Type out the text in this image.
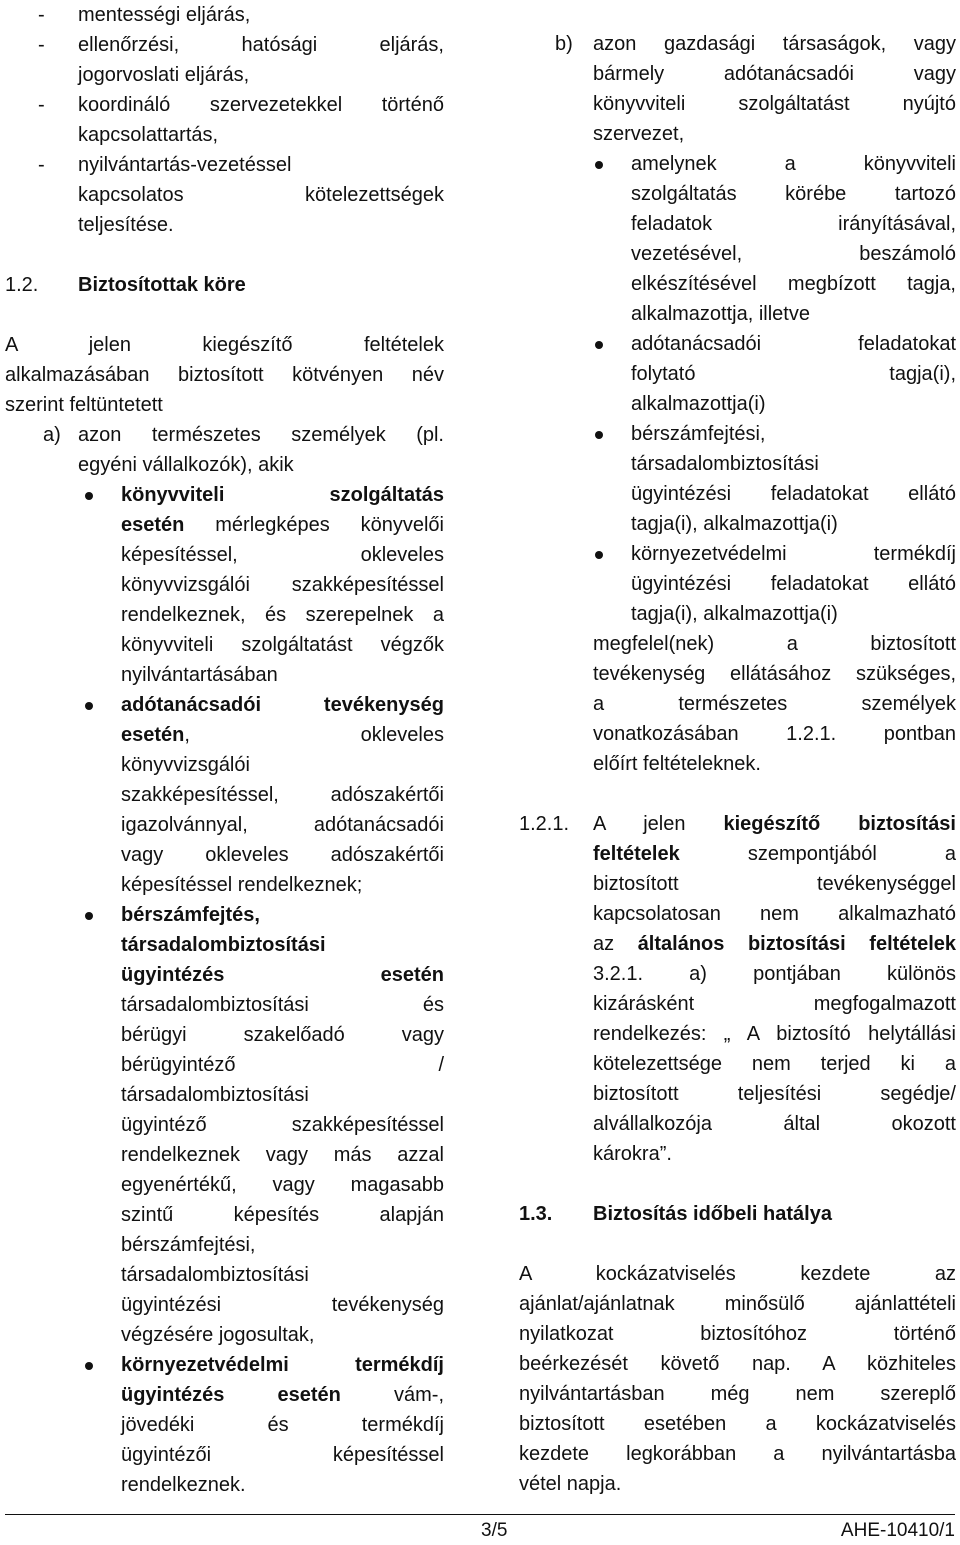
- mentességi eljárás,

- ellenőrzési, hatósági eljárás,

jogorvoslati eljárás,

- koordináló szervezetekkel történő

kapcsolattartás,

- nyilvántartás-vezetéssel

kapcsolatos kötelezettségek

teljesítése.

1.2. Biztosítottak köre

A jelen kiegészítő feltételek

alkalmazásában biztosított kötvényen név

szerint feltüntetett

a) azon természetes személyek (pl.

egyéni vállalkozók), akik

könyvviteli szolgáltatás

esetén mérlegképes könyvelői

képesítéssel, okleveles

könyvvizsgálói szakképesítéssel

rendelkeznek, és szerepelnek a

könyvviteli szolgáltatást végzők

nyilvántartásában

adótanácsadói tevékenység

esetén, okleveles

könyvvizsgálói

szakképesítéssel, adószakértői

igazolvánnyal, adótanácsadói

vagy okleveles adószakértői

képesítéssel rendelkeznek;

bérszámfejtés,

társadalombiztosítási

ügyintézés esetén

társadalombiztosítási és

bérügyi szakelőadó vagy

bérügyintéző /

társadalombiztosítási

ügyintéző szakképesítéssel

rendelkeznek vagy más azzal

egyenértékű, vagy magasabb

szintű képesítés alapján

bérszámfejtési,

társadalombiztosítási

ügyintézési tevékenység

végzésére jogosultak,

környezetvédelmi termékdíj

ügyintézés esetén	vám-,

jövedéki és termékdíj

ügyintézői képesítéssel

rendelkeznek.

b) azon gazdasági társaságok, vagy

bármely adótanácsadói vagy

könyvviteli szolgáltatást nyújtó

szervezet,

amelynek a könyvviteli

szolgáltatás körébe tartozó

feladatok irányításával,

vezetésével, beszámoló

elkészítésével megbízott tagja,

alkalmazottja, illetve

adótanácsadói feladatokat

folytató tagja(i),

alkalmazottja(i)

bérszámfejtési,

társadalombiztosítási

ügyintézési feladatokat ellátó

tagja(i), alkalmazottja(i)

környezetvédelmi termékdíj

ügyintézési feladatokat ellátó

tagja(i), alkalmazottja(i)

megfelel(nek) a biztosított

tevékenység ellátásához szükséges,

a természetes személyek

vonatkozásában 1.2.1. pontban

előírt feltételeknek.

1.2.1. A jelen kiegészítő biztosítási

feltételek szempontjából a

biztosított tevékenységgel

kapcsolatosan nem alkalmazható

az általános biztosítási feltételek

3.2.1. a) pontjában különös

kizárásként megfogalmazott

rendelkezés: „ A biztosító helytállási

kötelezettsége nem terjed ki a

biztosított teljesítési segédje/

alvállalkozója által okozott

károkra”.

1.3. Biztosítás időbeli hatálya

A kockázatviselés kezdete az

ajánlat/ajánlatnak minősülő ajánlattételi

nyilatkozat biztosítóhoz történő

beérkezését követő nap. A közhiteles

nyilvántartásban még nem szereplő

biztosított esetében a kockázatviselés

kezdete legkorábban a nyilvántartásba

vétel napja.

3/5	AHE-10410/1
